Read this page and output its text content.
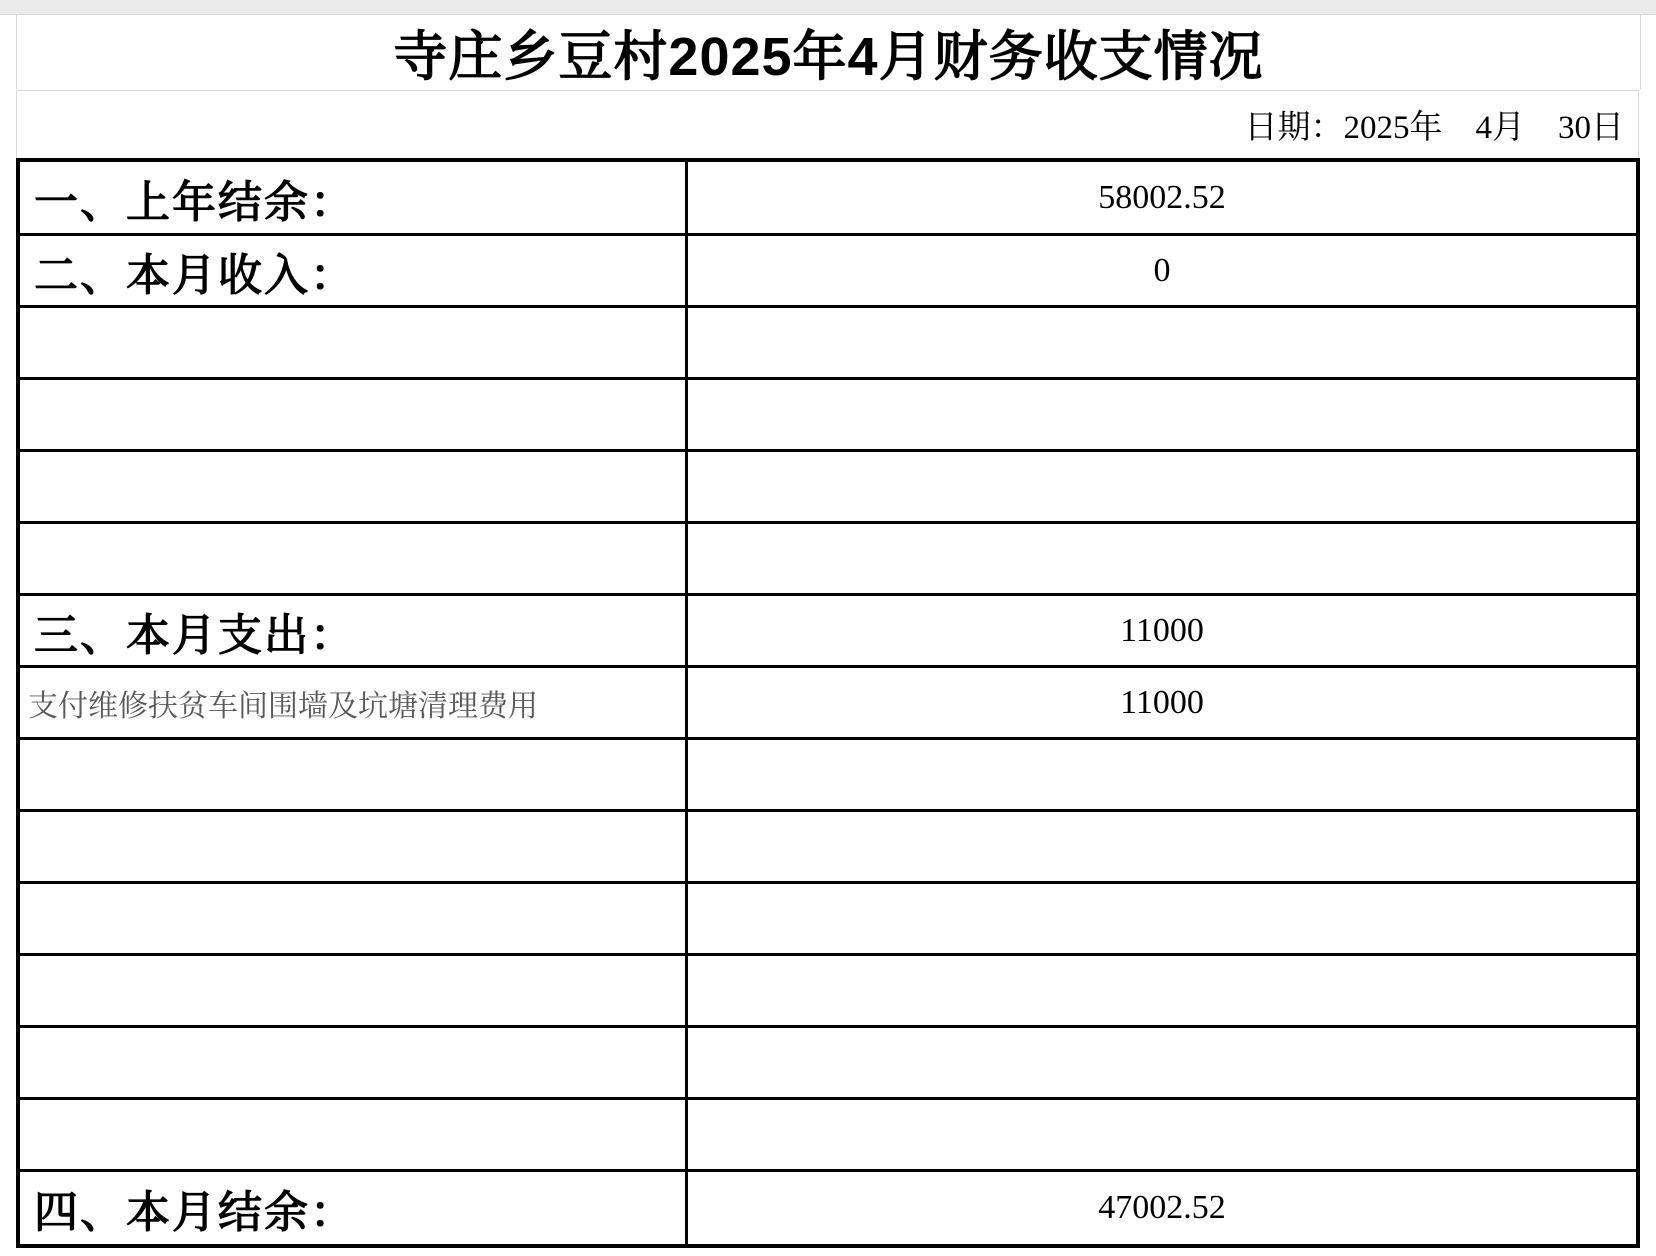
寺庄乡豆村2025年4月财务收支情况
日期：2025年　4月　30日
一、上年结余：	58002.52
二、本月收入：	0
三、本月支出：	11000
支付维修扶贫车间围墙及坑塘清理费用	11000
四、本月结余：	47002.52
